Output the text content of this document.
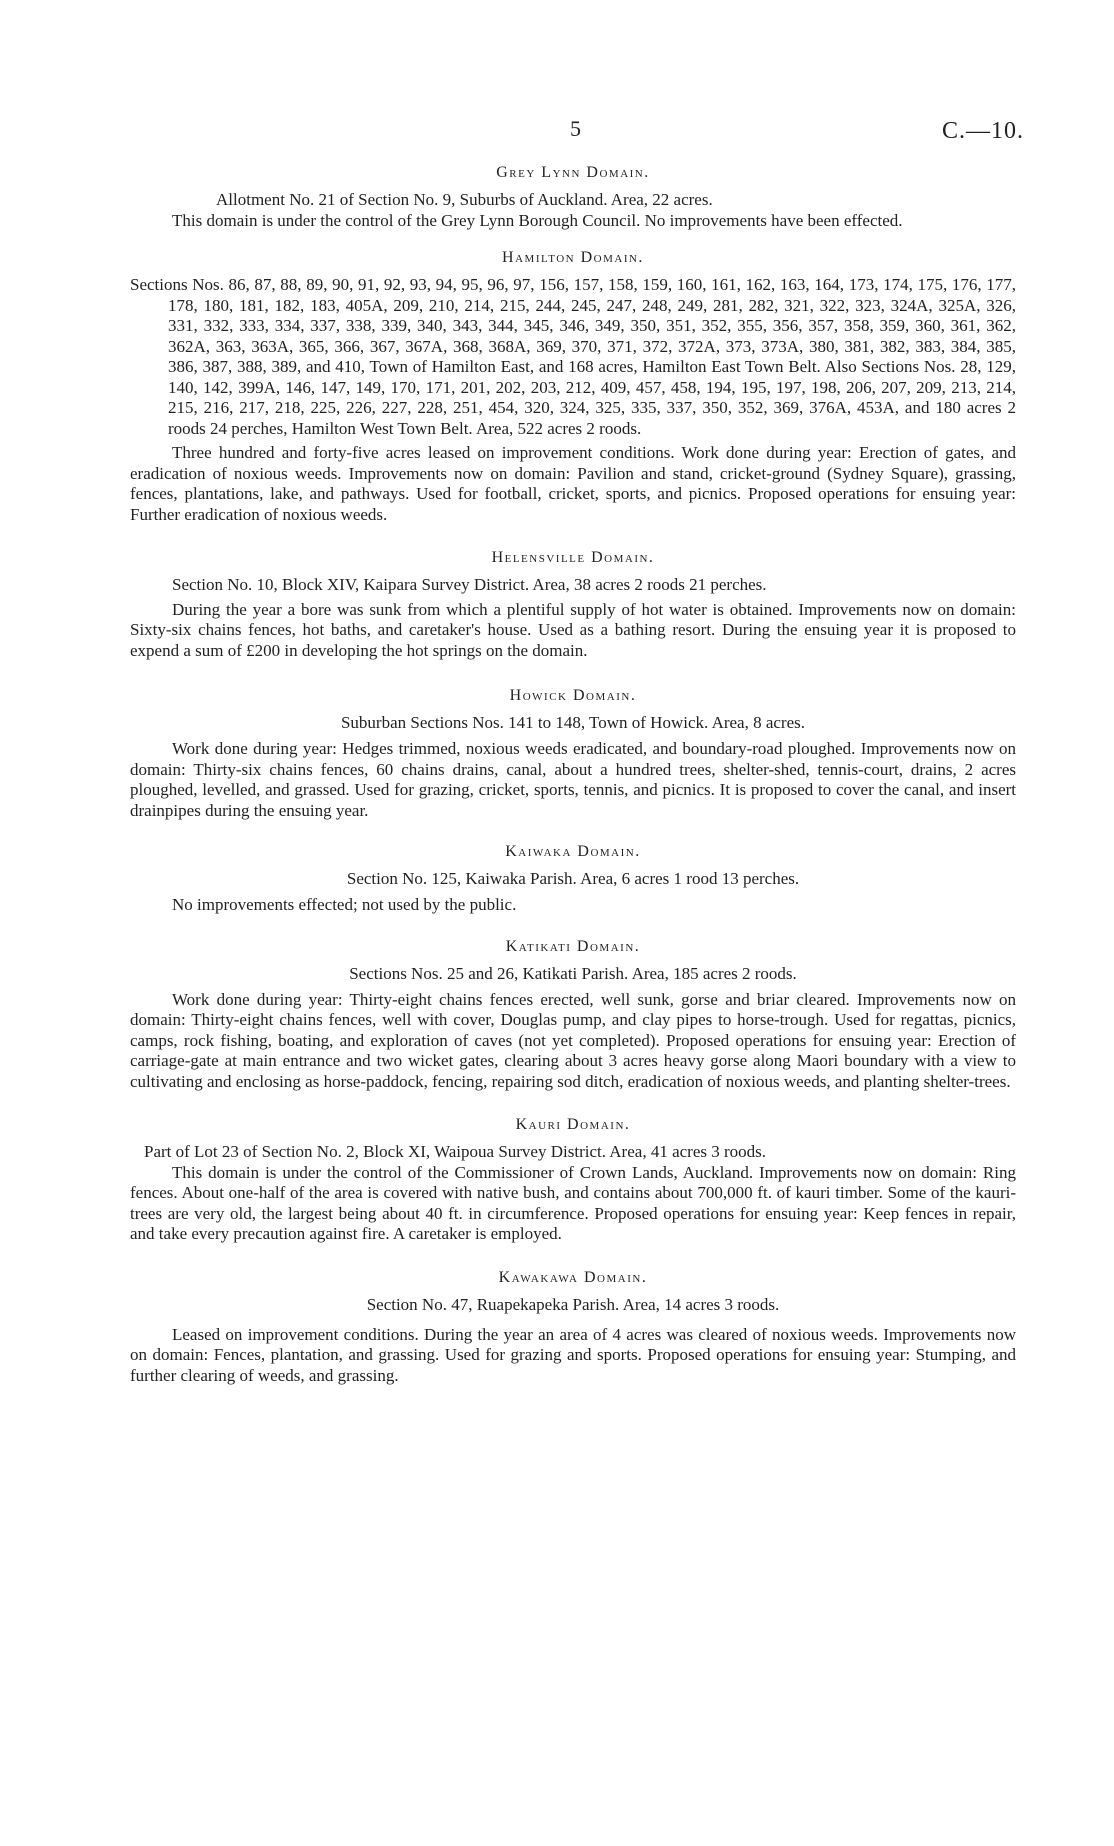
5	C.—10.
Grey Lynn Domain.

Allotment No. 21 of Section No. 9, Suburbs of Auckland. Area, 22 acres.

This domain is under the control of the Grey Lynn Borough Council. No improvements have been effected.

Hamilton Domain.

Sections Nos. 86, 87, 88, 89, 90, 91, 92, 93, 94, 95, 96, 97, 156, 157, 158, 159, 160, 161, 162, 163, 164, 173, 174, 175, 176, 177, 178, 180, 181, 182, 183, 405A, 209, 210, 214, 215, 244, 245, 247, 248, 249, 281, 282, 321, 322, 323, 324A, 325A, 326, 331, 332, 333, 334, 337, 338, 339, 340, 343, 344, 345, 346, 349, 350, 351, 352, 355, 356, 357, 358, 359, 360, 361, 362, 362A, 363, 363A, 365, 366, 367, 367A, 368, 368A, 369, 370, 371, 372, 372A, 373, 373A, 380, 381, 382, 383, 384, 385, 386, 387, 388, 389, and 410, Town of Hamilton East, and 168 acres, Hamilton East Town Belt. Also Sections Nos. 28, 129, 140, 142, 399A, 146, 147, 149, 170, 171, 201, 202, 203, 212, 409, 457, 458, 194, 195, 197, 198, 206, 207, 209, 213, 214, 215, 216, 217, 218, 225, 226, 227, 228, 251, 454, 320, 324, 325, 335, 337, 350, 352, 369, 376A, 453A, and 180 acres 2 roods 24 perches, Hamilton West Town Belt. Area, 522 acres 2 roods.

Three hundred and forty-five acres leased on improvement conditions. Work done during year: Erection of gates, and eradication of noxious weeds. Improvements now on domain: Pavilion and stand, cricket-ground (Sydney Square), grassing, fences, plantations, lake, and pathways. Used for football, cricket, sports, and picnics. Proposed operations for ensuing year: Further eradication of noxious weeds.

Helensville Domain.

Section No. 10, Block XIV, Kaipara Survey District. Area, 38 acres 2 roods 21 perches.

During the year a bore was sunk from which a plentiful supply of hot water is obtained. Improvements now on domain: Sixty-six chains fences, hot baths, and caretaker's house. Used as a bathing resort. During the ensuing year it is proposed to expend a sum of £200 in developing the hot springs on the domain.

Howick Domain.
Suburban Sections Nos. 141 to 148, Town of Howick. Area, 8 acres.

Work done during year: Hedges trimmed, noxious weeds eradicated, and boundary-road ploughed. Improvements now on domain: Thirty-six chains fences, 60 chains drains, canal, about a hundred trees, shelter-shed, tennis-court, drains, 2 acres ploughed, levelled, and grassed. Used for grazing, cricket, sports, tennis, and picnics. It is proposed to cover the canal, and insert drainpipes during the ensuing year.

Kaiwaka Domain.
Section No. 125, Kaiwaka Parish. Area, 6 acres 1 rood 13 perches.

No improvements effected; not used by the public.

Katikati Domain.
Sections Nos. 25 and 26, Katikati Parish. Area, 185 acres 2 roods.

Work done during year: Thirty-eight chains fences erected, well sunk, gorse and briar cleared. Improvements now on domain: Thirty-eight chains fences, well with cover, Douglas pump, and clay pipes to horse-trough. Used for regattas, picnics, camps, rock fishing, boating, and exploration of caves (not yet completed). Proposed operations for ensuing year: Erection of carriage-gate at main entrance and two wicket gates, clearing about 3 acres heavy gorse along Maori boundary with a view to cultivating and enclosing as horse-paddock, fencing, repairing sod ditch, eradication of noxious weeds, and planting shelter-trees.

Kauri Domain.

Part of Lot 23 of Section No. 2, Block XI, Waipoua Survey District. Area, 41 acres 3 roods.

This domain is under the control of the Commissioner of Crown Lands, Auckland. Improvements now on domain: Ring fences. About one-half of the area is covered with native bush, and contains about 700,000 ft. of kauri timber. Some of the kauri-trees are very old, the largest being about 40 ft. in circumference. Proposed operations for ensuing year: Keep fences in repair, and take every precaution against fire. A caretaker is employed.

Kawakawa Domain.
Section No. 47, Ruapekapeka Parish. Area, 14 acres 3 roods.

Leased on improvement conditions. During the year an area of 4 acres was cleared of noxious weeds. Improvements now on domain: Fences, plantation, and grassing. Used for grazing and sports. Proposed operations for ensuing year: Stumping, and further clearing of weeds, and grassing.
